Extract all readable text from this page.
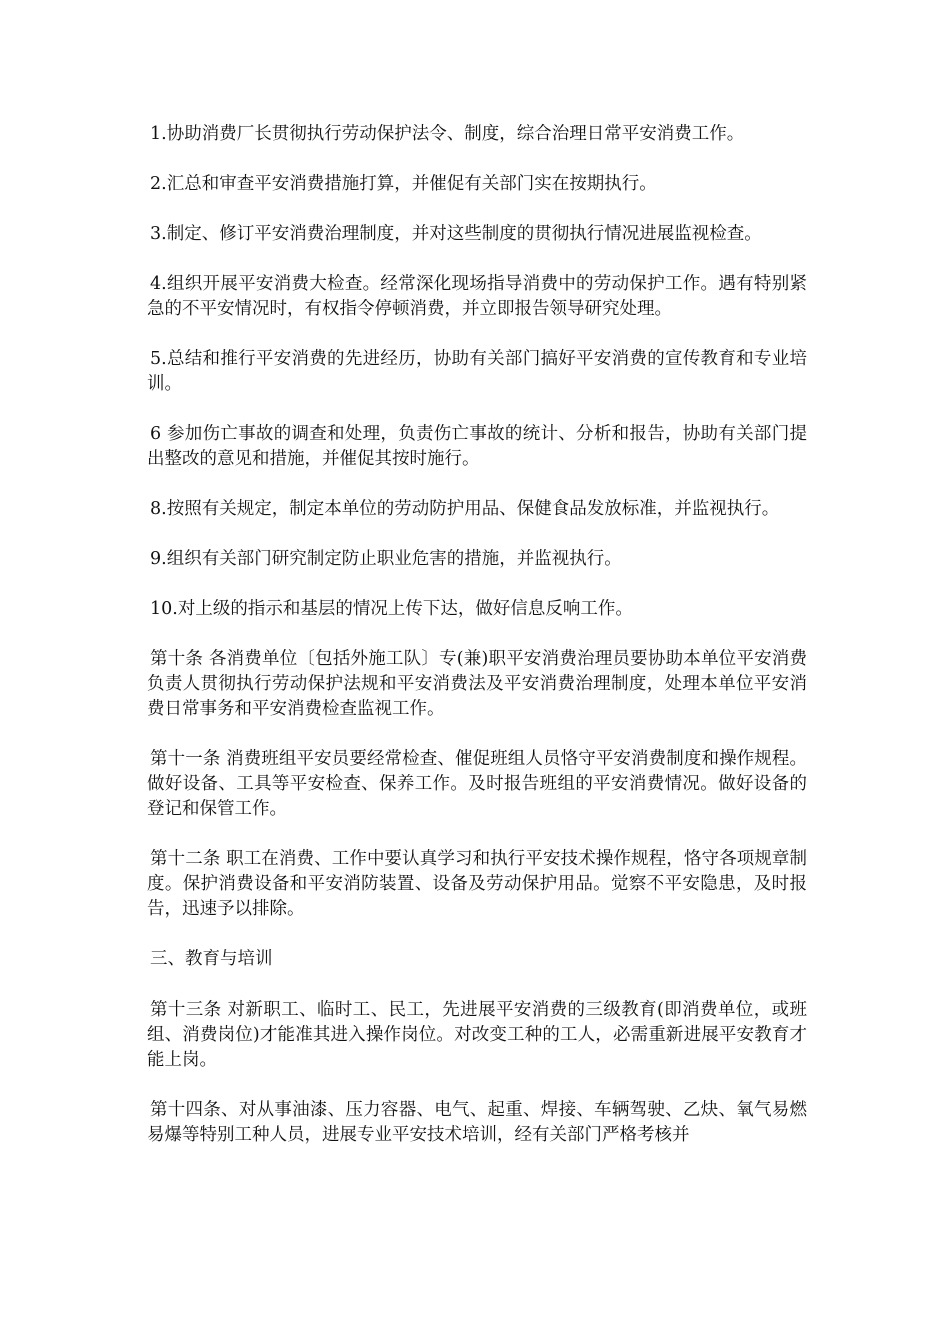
1.协助消费厂长贯彻执行劳动保护法令、制度，综合治理日常平安消费工作。

2.汇总和审查平安消费措施打算，并催促有关部门实在按期执行。

3.制定、修订平安消费治理制度，并对这些制度的贯彻执行情况进展监视检查。

4.组织开展平安消费大检查。经常深化现场指导消费中的劳动保护工作。遇有特别紧急的不平安情况时，有权指令停顿消费，并立即报告领导研究处理。

5.总结和推行平安消费的先进经历，协助有关部门搞好平安消费的宣传教育和专业培训。

6 参加伤亡事故的调查和处理，负责伤亡事故的统计、分析和报告，协助有关部门提出整改的意见和措施，并催促其按时施行。

8.按照有关规定，制定本单位的劳动防护用品、保健食品发放标准，并监视执行。

9.组织有关部门研究制定防止职业危害的措施，并监视执行。

10.对上级的指示和基层的情况上传下达，做好信息反响工作。

第十条 各消费单位〔包括外施工队〕专(兼)职平安消费治理员要协助本单位平安消费负责人贯彻执行劳动保护法规和平安消费法及平安消费治理制度，处理本单位平安消费日常事务和平安消费检查监视工作。

第十一条 消费班组平安员要经常检查、催促班组人员恪守平安消费制度和操作规程。做好设备、工具等平安检查、保养工作。及时报告班组的平安消费情况。做好设备的登记和保管工作。

第十二条 职工在消费、工作中要认真学习和执行平安技术操作规程，恪守各项规章制度。保护消费设备和平安消防装置、设备及劳动保护用品。觉察不平安隐患，及时报告，迅速予以排除。

三、教育与培训

第十三条 对新职工、临时工、民工，先进展平安消费的三级教育(即消费单位，或班组、消费岗位)才能准其进入操作岗位。对改变工种的工人，必需重新进展平安教育才能上岗。

第十四条、对从事油漆、压力容器、电气、起重、焊接、车辆驾驶、乙炔、氧气易燃易爆等特别工种人员，进展专业平安技术培训，经有关部门严格考核并
